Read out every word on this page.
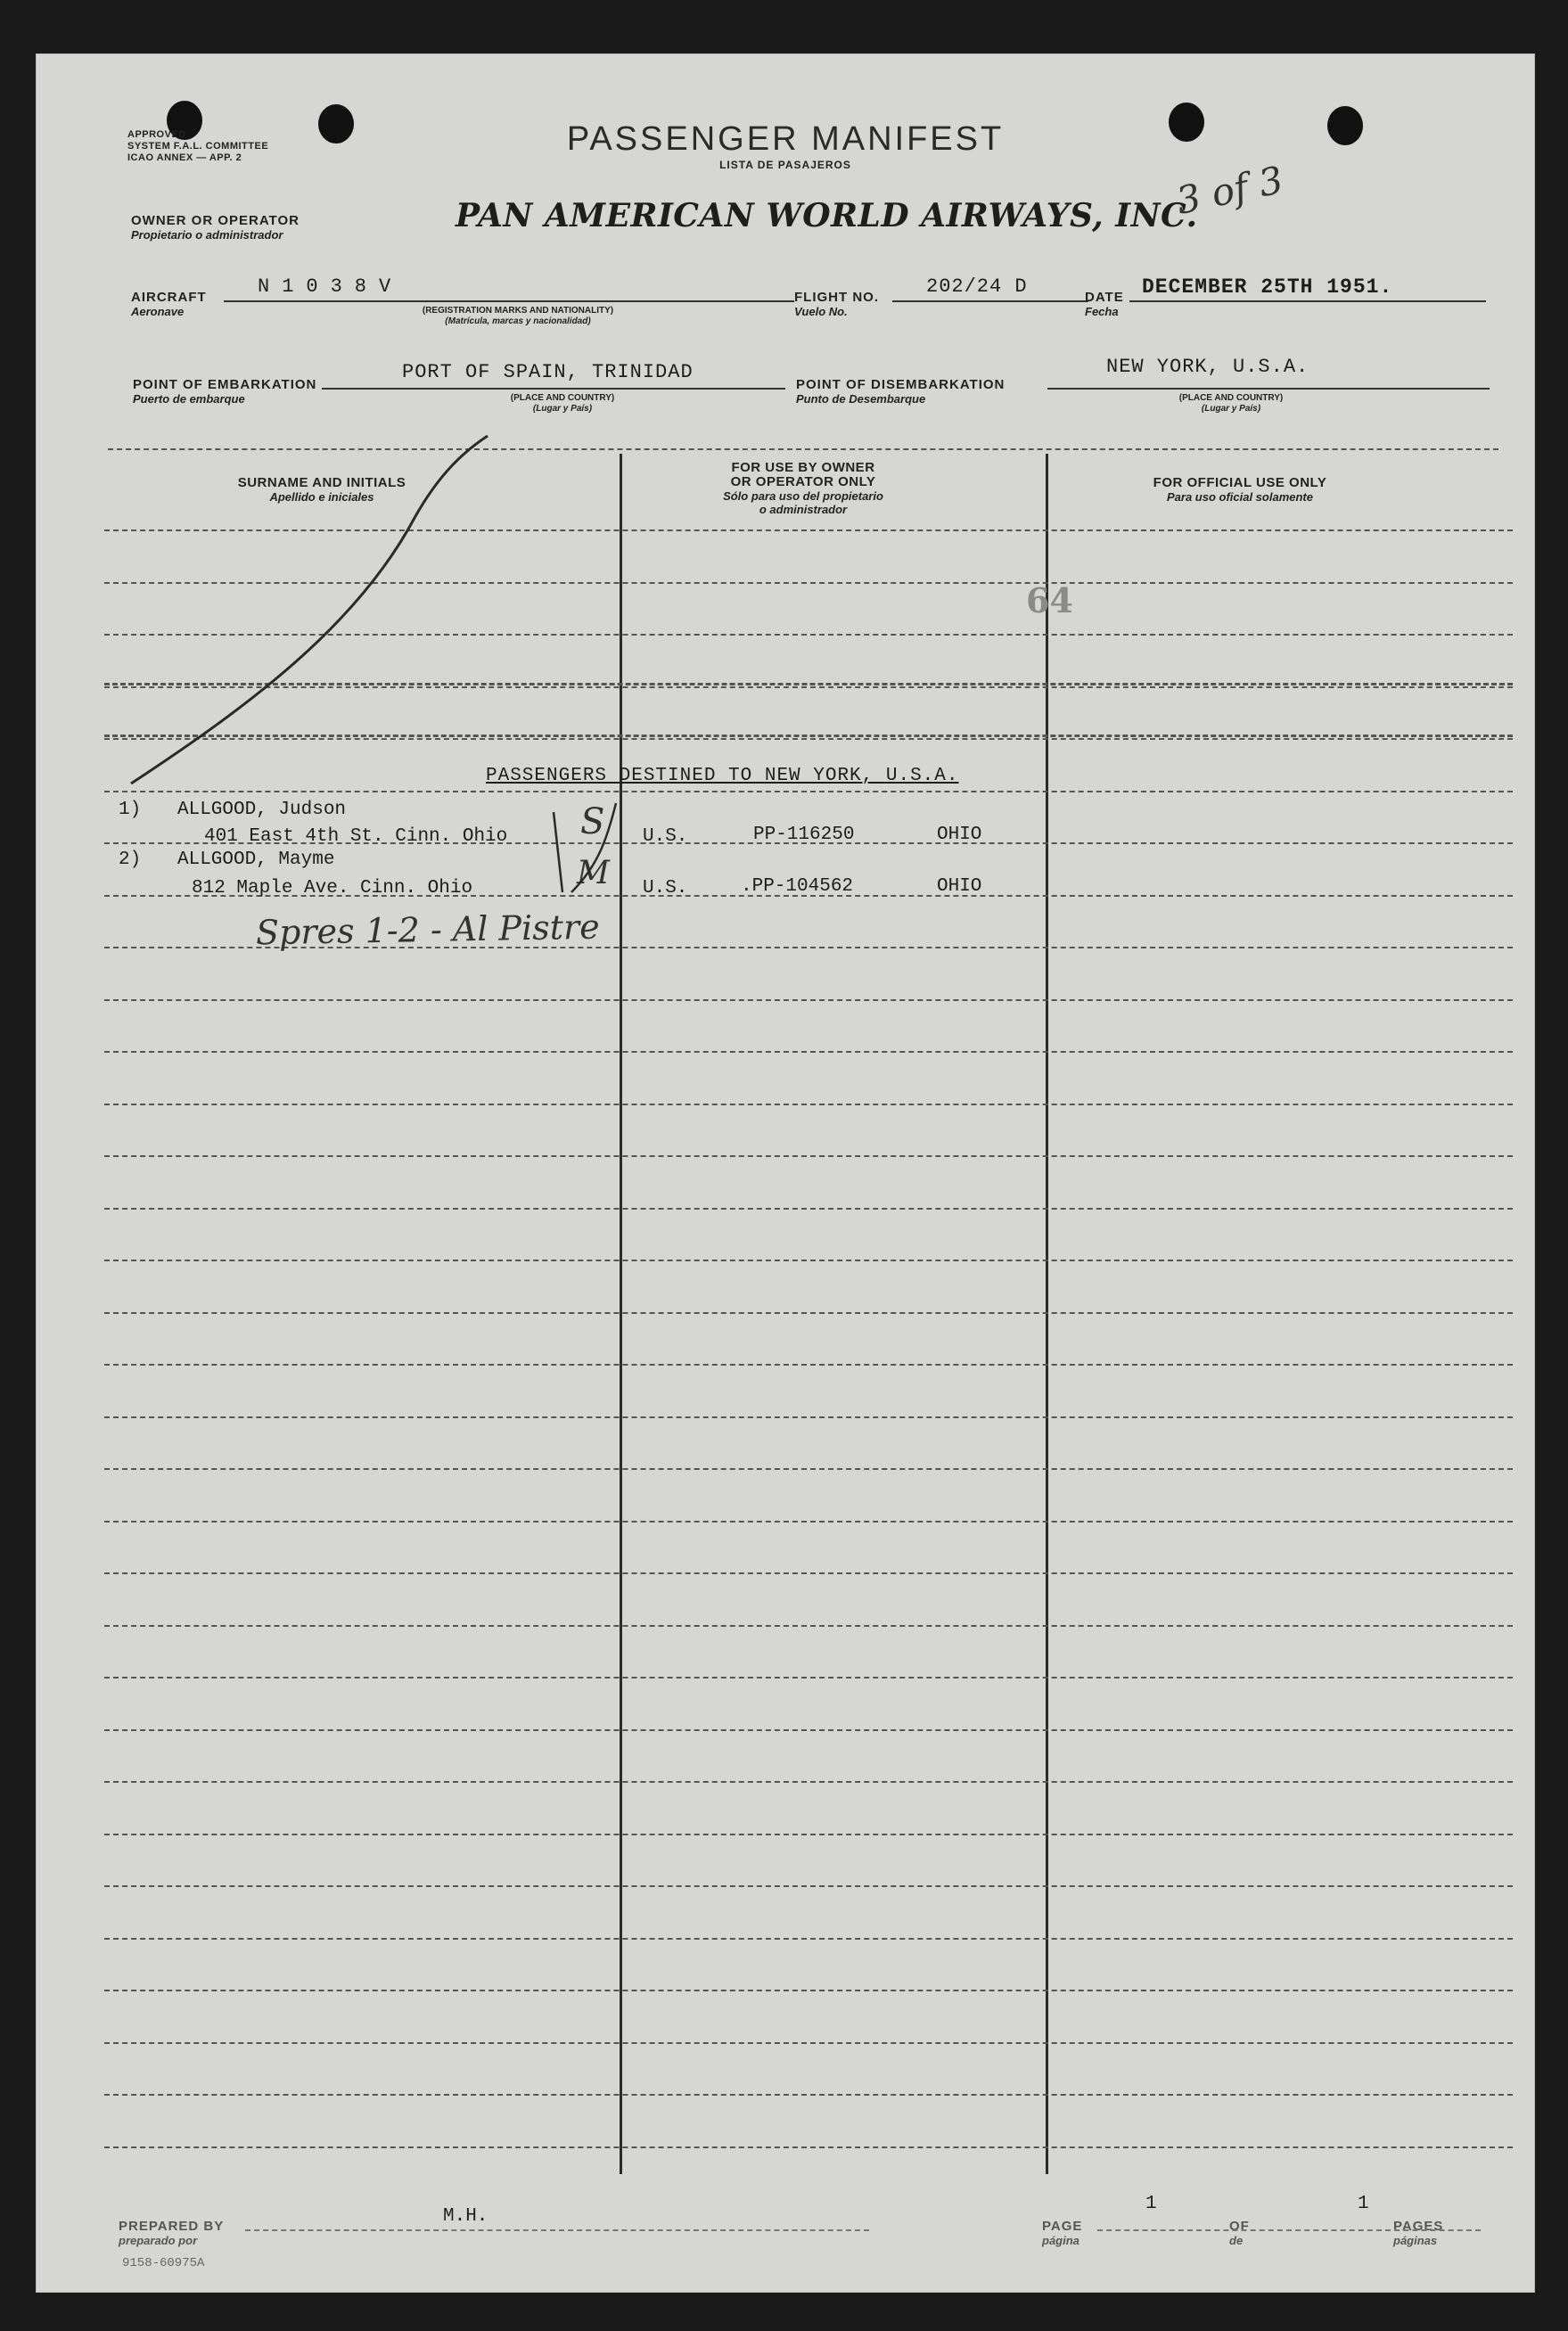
APPROVED
SYSTEM F.A.L. COMMITTEE
ICAO ANNEX — APP. 2	PASSENGER MANIFEST
LISTA DE PASAJEROS
OWNER OR OPERATOR
Propietario o administrador
PAN AMERICAN WORLD AIRWAYS, INC.
3 of 3
AIRCRAFT
Aeronave
N1038V
(REGISTRATION MARKS AND NATIONALITY)
(Matrícula, marcas y nacionalidad)
FLIGHT NO.
Vuelo No.
202/24 D	DATE
Fecha
DECEMBER 25TH 1951.
POINT OF EMBARKATION
Puerto de embarque
PORT OF SPAIN, TRINIDAD
(PLACE AND COUNTRY)
(Lugar y País)
POINT OF DISEMBARKATION
Punto de Desembarque
NEW YORK, U.S.A.
(PLACE AND COUNTRY)
(Lugar y País)
SURNAME AND INITIALS
Apellido e iniciales
FOR USE BY OWNER
OR OPERATOR ONLY
Sólo para uso del propietario
o administrador
FOR OFFICIAL USE ONLY
Para uso oficial solamente
64
PASSENGERS DESTINED TO NEW YORK, U.S.A.
1) ALLGOOD, Judson
401 East 4th St. Cinn. Ohio S U.S.	PP-116250	OHIO
2) ALLGOOD, Mayme
812 Maple Ave. Cinn. Ohio	M U.S.	.PP-104562	OHIO
Spres 1-2 - Al Pistre
PREPARED BY
preparado por
M.H.	PAGE
página
1
OF
de
1
PAGES
páginas
9158-60975A
